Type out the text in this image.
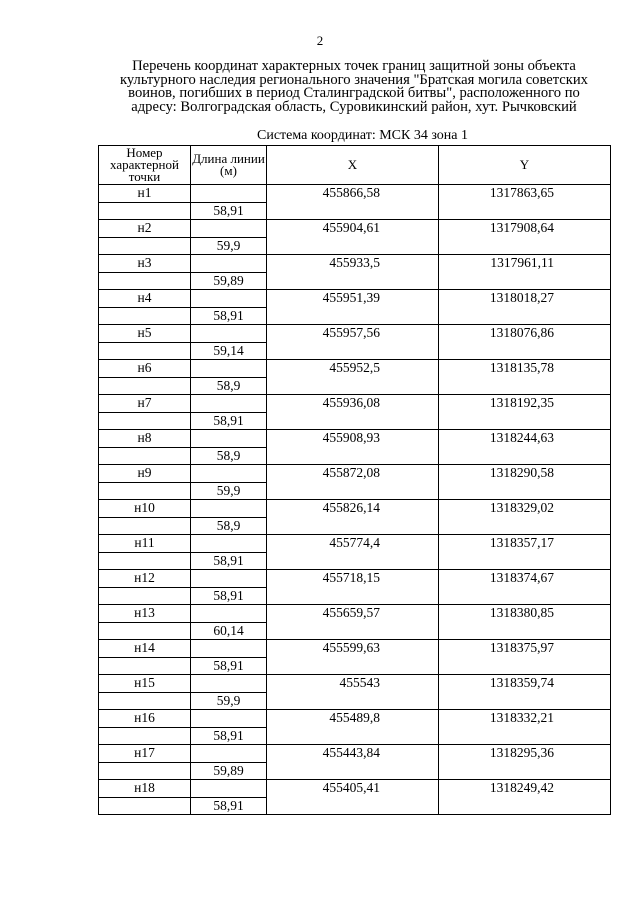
2
Перечень координат характерных точек границ защитной зоны объекта
культурного наследия регионального значения "Братская могила советских
воинов, погибших в период Сталинградской битвы", расположенного по
адресу: Волгоградская область, Суровикинский район, хут. Рычковский
Система координат: МСК 34 зона 1
Номер характерной точки	Длина линии (м)	X	Y
н1		455866,58	1317863,65
	58,91		
н2		455904,61	1317908,64
	59,9		
н3		455933,5	1317961,11
	59,89		
н4		455951,39	1318018,27
	58,91		
н5		455957,56	1318076,86
	59,14		
н6		455952,5	1318135,78
	58,9		
н7		455936,08	1318192,35
	58,91		
н8		455908,93	1318244,63
	58,9		
н9		455872,08	1318290,58
	59,9		
н10		455826,14	1318329,02
	58,9		
н11		455774,4	1318357,17
	58,91		
н12		455718,15	1318374,67
	58,91		
н13		455659,57	1318380,85
	60,14		
н14		455599,63	1318375,97
	58,91		
н15		455543	1318359,74
	59,9		
н16		455489,8	1318332,21
	58,91		
н17		455443,84	1318295,36
	59,89		
н18		455405,41	1318249,42
	58,91		
